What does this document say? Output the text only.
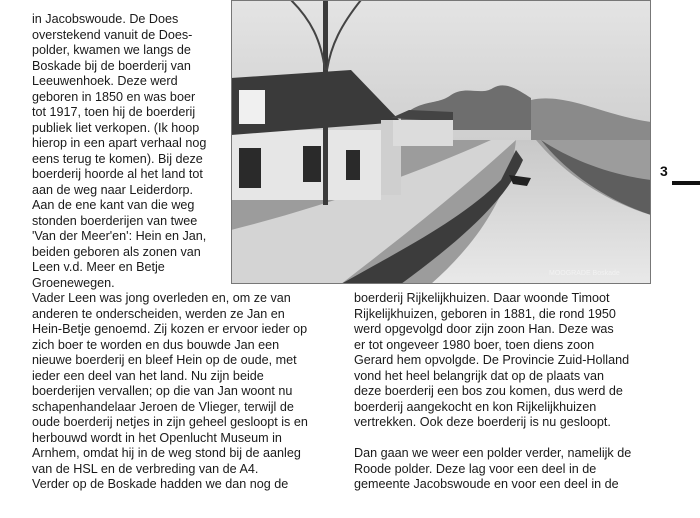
in Jacobswoude. De Does
overstekend vanuit de Does-
polder, kwamen we langs de
Boskade bij de boerderij van
Leeuwenhoek. Deze werd
geboren in 1850 en was boer
tot 1917, toen hij de boerderij
publiek liet verkopen. (Ik hoop
hierop in een apart verhaal nog
eens terug te komen). Bij deze
boerderij hoorde al het land tot
aan de weg naar Leiderdorp.
Aan de ene kant van die weg
stonden boerderijen van twee
'Van der Meer'en': Hein en Jan,
beiden geboren als zonen van
Leen v.d. Meer en Betje
Groenewegen.
MOOGRADE Boskade
3
Vader Leen was jong overleden en, om ze van
anderen te onderscheiden, werden ze Jan en
Hein-Betje genoemd. Zij kozen er ervoor ieder op
zich boer te worden en dus bouwde Jan een
nieuwe boerderij en bleef Hein op de oude, met
ieder een deel van het land. Nu zijn beide
boerderijen vervallen; op die van Jan woont nu
schapenhandelaar Jeroen de Vlieger, terwijl de
oude boerderij netjes in zijn geheel gesloopt is en
herbouwd wordt in het Openlucht Museum in
Arnhem, omdat hij in de weg stond bij de aanleg
van de HSL en de verbreding van de A4.
Verder op de Boskade hadden we dan nog de
boerderij Rijkelijkhuizen. Daar woonde Timoot
Rijkelijkhuizen, geboren in 1881, die rond 1950
werd opgevolgd door zijn zoon Han. Deze was
er tot ongeveer 1980 boer, toen diens zoon
Gerard hem opvolgde. De Provincie Zuid-Holland
vond het heel belangrijk dat op de plaats van
deze boerderij een bos zou komen, dus werd de
boerderij aangekocht en kon Rijkelijkhuizen
vertrekken. Ook deze boerderij is nu gesloopt.
Dan gaan we weer een polder verder, namelijk de
Roode polder. Deze lag voor een deel in de
gemeente Jacobswoude en voor een deel in de
